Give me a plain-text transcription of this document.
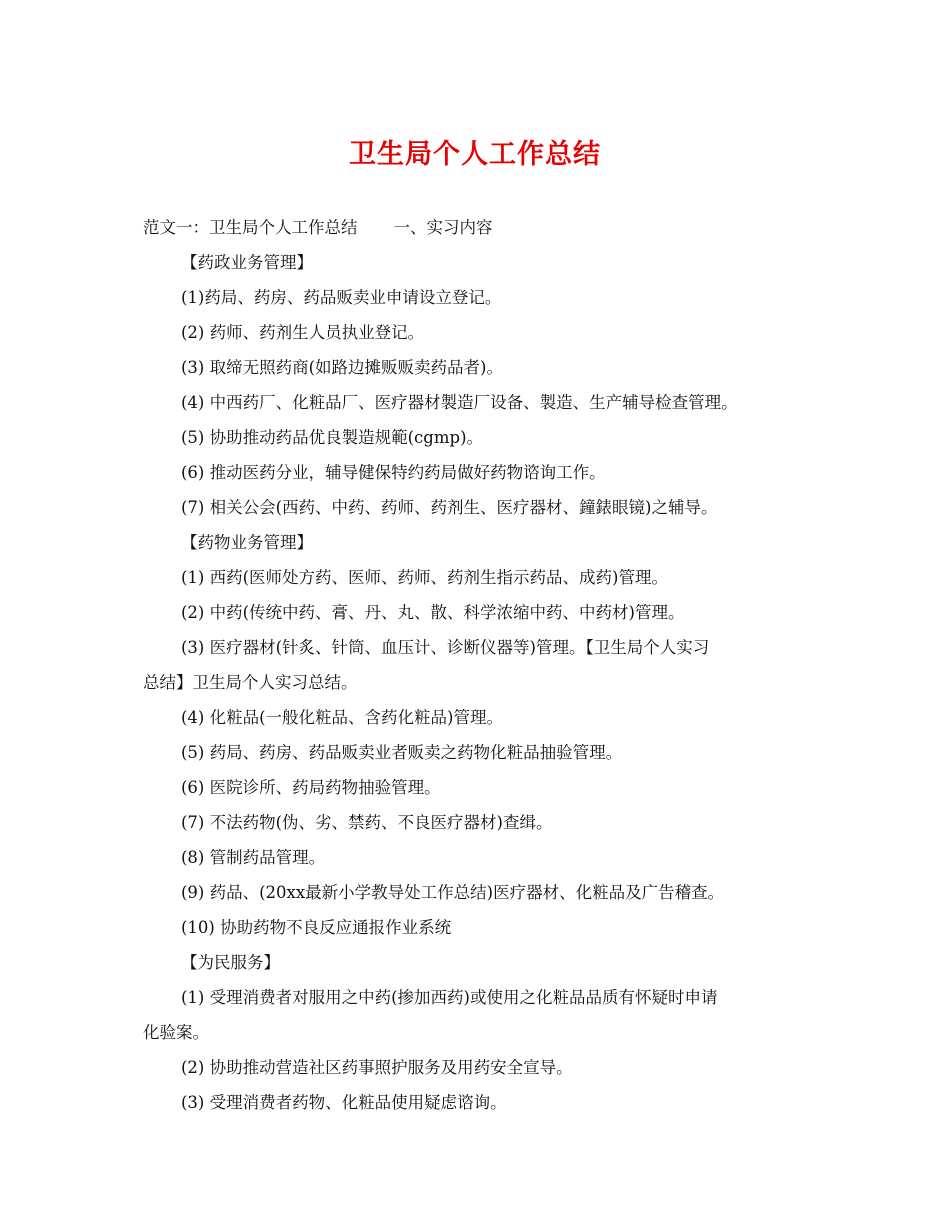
卫生局个人工作总结

范文一：卫生局个人工作总结 一、实习内容

【药政业务管理】

(1)药局、药房、药品贩卖业申请设立登记。

(2) 药师、药剂生人员执业登记。

(3) 取缔无照药商(如路边摊贩贩卖药品者)。

(4) 中西药厂、化粧品厂、医疗器材製造厂设备、製造、生产辅导检查管理。

(5) 协助推动药品优良製造规範(cgmp)。

(6) 推动医药分业，辅导健保特约药局做好药物谘询工作。

(7) 相关公会(西药、中药、药师、药剂生、医疗器材、鐘錶眼镜)之辅导。

【药物业务管理】

(1) 西药(医师处方药、医师、药师、药剂生指示药品、成药)管理。

(2) 中药(传统中药、膏、丹、丸、散、科学浓缩中药、中药材)管理。

(3) 医疗器材(针炙、针筒、血压计、诊断仪器等)管理。【卫生局个人实习

总结】卫生局个人实习总结。

(4) 化粧品(一般化粧品、含药化粧品)管理。

(5) 药局、药房、药品贩卖业者贩卖之药物化粧品抽验管理。

(6) 医院诊所、药局药物抽验管理。

(7) 不法药物(伪、劣、禁药、不良医疗器材)查缉。

(8) 管制药品管理。

(9) 药品、(20xx最新小学教导处工作总结)医疗器材、化粧品及广告稽查。

(10) 协助药物不良反应通报作业系统

【为民服务】

(1) 受理消费者对服用之中药(掺加西药)或使用之化粧品品质有怀疑时申请

化验案。

(2) 协助推动营造社区药事照护服务及用药安全宣导。

(3) 受理消费者药物、化粧品使用疑虑谘询。
